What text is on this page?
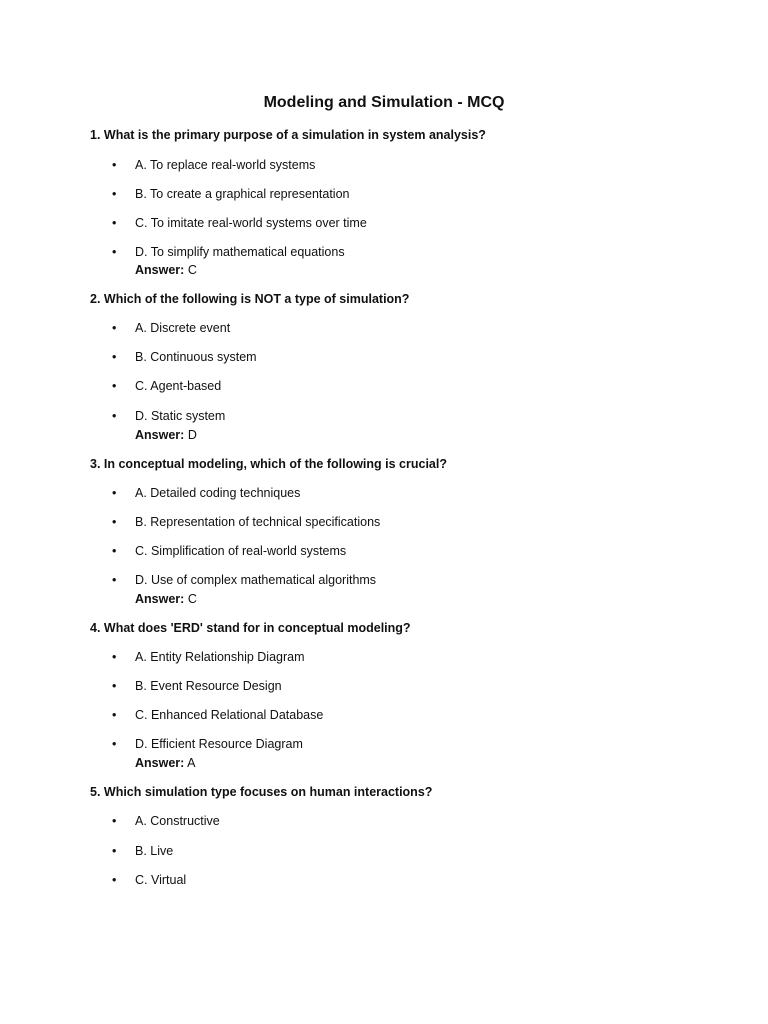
Modeling and Simulation - MCQ
1. What is the primary purpose of a simulation in system analysis?
• A. To replace real-world systems
• B. To create a graphical representation
• C. To imitate real-world systems over time
• D. To simplify mathematical equations
Answer: C
2. Which of the following is NOT a type of simulation?
• A. Discrete event
• B. Continuous system
• C. Agent-based
• D. Static system
Answer: D
3. In conceptual modeling, which of the following is crucial?
• A. Detailed coding techniques
• B. Representation of technical specifications
• C. Simplification of real-world systems
• D. Use of complex mathematical algorithms
Answer: C
4. What does 'ERD' stand for in conceptual modeling?
• A. Entity Relationship Diagram
• B. Event Resource Design
• C. Enhanced Relational Database
• D. Efficient Resource Diagram
Answer: A
5. Which simulation type focuses on human interactions?
• A. Constructive
• B. Live
• C. Virtual
